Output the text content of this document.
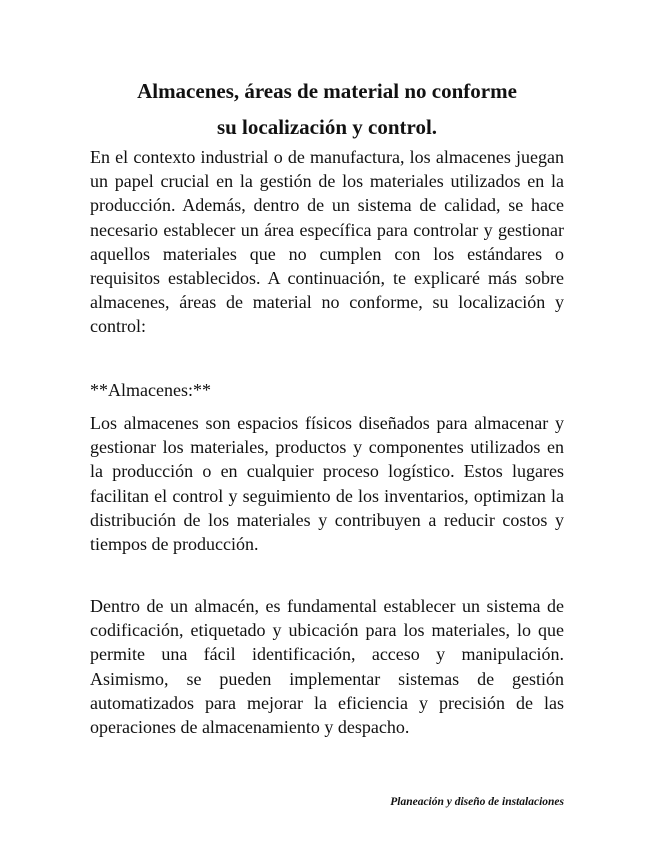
Almacenes, áreas de material no conforme
su localización y control.

En el contexto industrial o de manufactura, los almacenes juegan un papel crucial en la gestión de los materiales utilizados en la producción. Además, dentro de un sistema de calidad, se hace necesario establecer un área específica para controlar y gestionar aquellos materiales que no cumplen con los estándares o requisitos establecidos. A continuación, te explicaré más sobre almacenes, áreas de material no conforme, su localización y control:

**Almacenes:**

Los almacenes son espacios físicos diseñados para almacenar y gestionar los materiales, productos y componentes utilizados en la producción o en cualquier proceso logístico. Estos lugares facilitan el control y seguimiento de los inventarios, optimizan la distribución de los materiales y contribuyen a reducir costos y tiempos de producción.

Dentro de un almacén, es fundamental establecer un sistema de codificación, etiquetado y ubicación para los materiales, lo que permite una fácil identificación, acceso y manipulación. Asimismo, se pueden implementar sistemas de gestión automatizados para mejorar la eficiencia y precisión de las operaciones de almacenamiento y despacho.

Planeación y diseño de instalaciones
